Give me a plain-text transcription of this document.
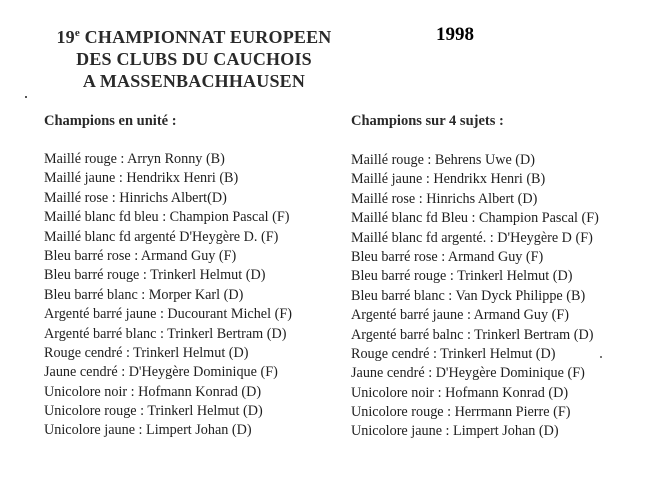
19e CHAMPIONNAT EUROPEEN
DES CLUBS DU CAUCHOIS
A MASSENBACHHAUSEN
1998
Champions en unité :
Maillé rouge : Arryn Ronny (B)
Maillé jaune : Hendrikx Henri (B)
Maillé rose : Hinrichs Albert(D)
Maillé blanc fd bleu : Champion Pascal (F)
Maillé blanc fd argenté D'Heygère D. (F)
Bleu barré rose : Armand Guy (F)
Bleu barré rouge : Trinkerl Helmut (D)
Bleu barré blanc : Morper Karl (D)
Argenté barré jaune : Ducourant Michel (F)
Argenté barré blanc : Trinkerl Bertram (D)
Rouge cendré : Trinkerl Helmut (D)
Jaune cendré : D'Heygère Dominique (F)
Unicolore noir : Hofmann Konrad (D)
Unicolore rouge : Trinkerl Helmut (D)
Unicolore jaune : Limpert Johan (D)
Champions sur 4 sujets :
Maillé rouge : Behrens Uwe (D)
Maillé jaune : Hendrikx Henri (B)
Maillé rose : Hinrichs Albert (D)
Maillé blanc fd Bleu : Champion Pascal (F)
Maillé blanc fd argenté. : D'Heygère D (F)
Bleu barré rose : Armand Guy (F)
Bleu barré rouge : Trinkerl Helmut (D)
Bleu barré blanc : Van Dyck Philippe (B)
Argenté barré jaune : Armand Guy (F)
Argenté barré balnc : Trinkerl Bertram (D)
Rouge cendré : Trinkerl Helmut (D)
Jaune cendré : D'Heygère Dominique (F)
Unicolore noir : Hofmann Konrad (D)
Unicolore rouge : Herrmann Pierre (F)
Unicolore jaune : Limpert Johan (D)
